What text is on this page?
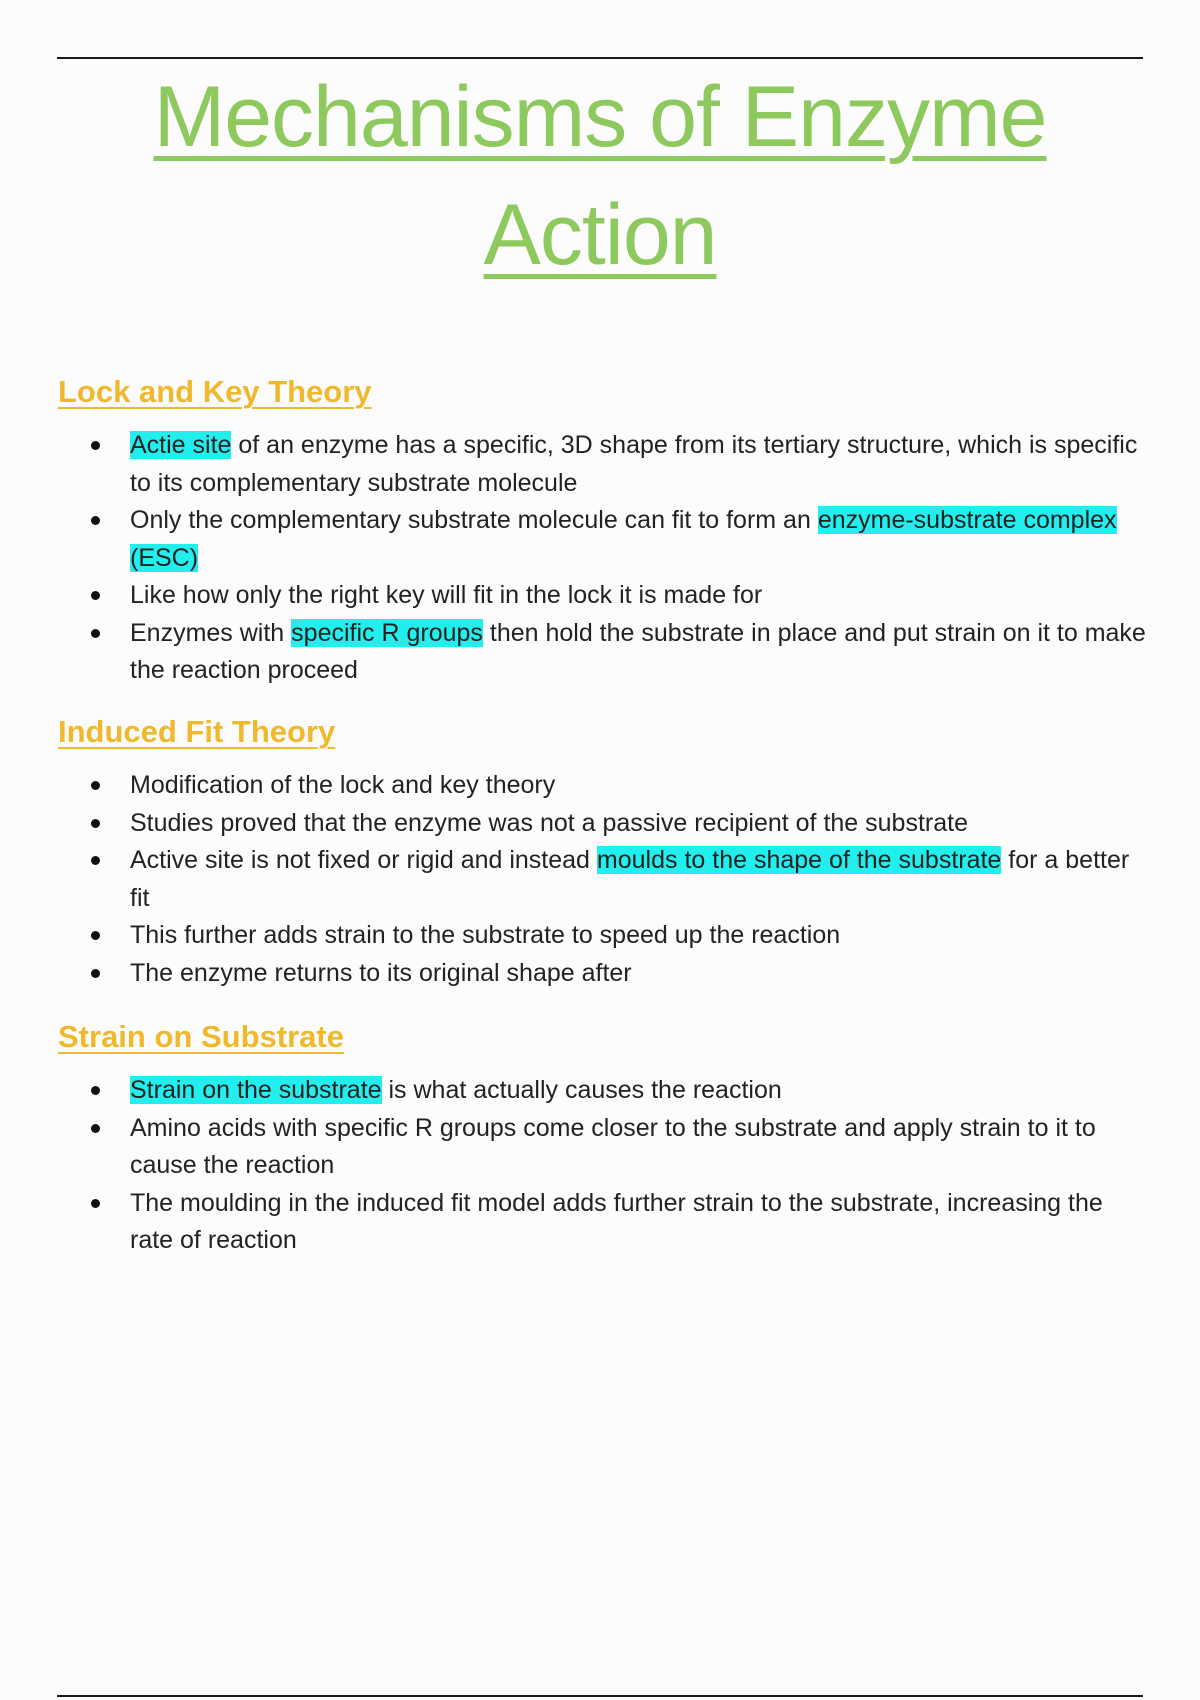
Mechanisms of Enzyme
Action
Lock and Key Theory
Actie site of an enzyme has a specific, 3D shape from its tertiary structure, which is specific to its complementary substrate molecule
Only the complementary substrate molecule can fit to form an enzyme-substrate complex (ESC)
Like how only the right key will fit in the lock it is made for
Enzymes with specific R groups then hold the substrate in place and put strain on it to make the reaction proceed
Induced Fit Theory
Modification of the lock and key theory
Studies proved that the enzyme was not a passive recipient of the substrate
Active site is not fixed or rigid and instead moulds to the shape of the substrate for a better fit
This further adds strain to the substrate to speed up the reaction
The enzyme returns to its original shape after
Strain on Substrate
Strain on the substrate is what actually causes the reaction
Amino acids with specific R groups come closer to the substrate and apply strain to it to cause the reaction
The moulding in the induced fit model adds further strain to the substrate, increasing the rate of reaction
